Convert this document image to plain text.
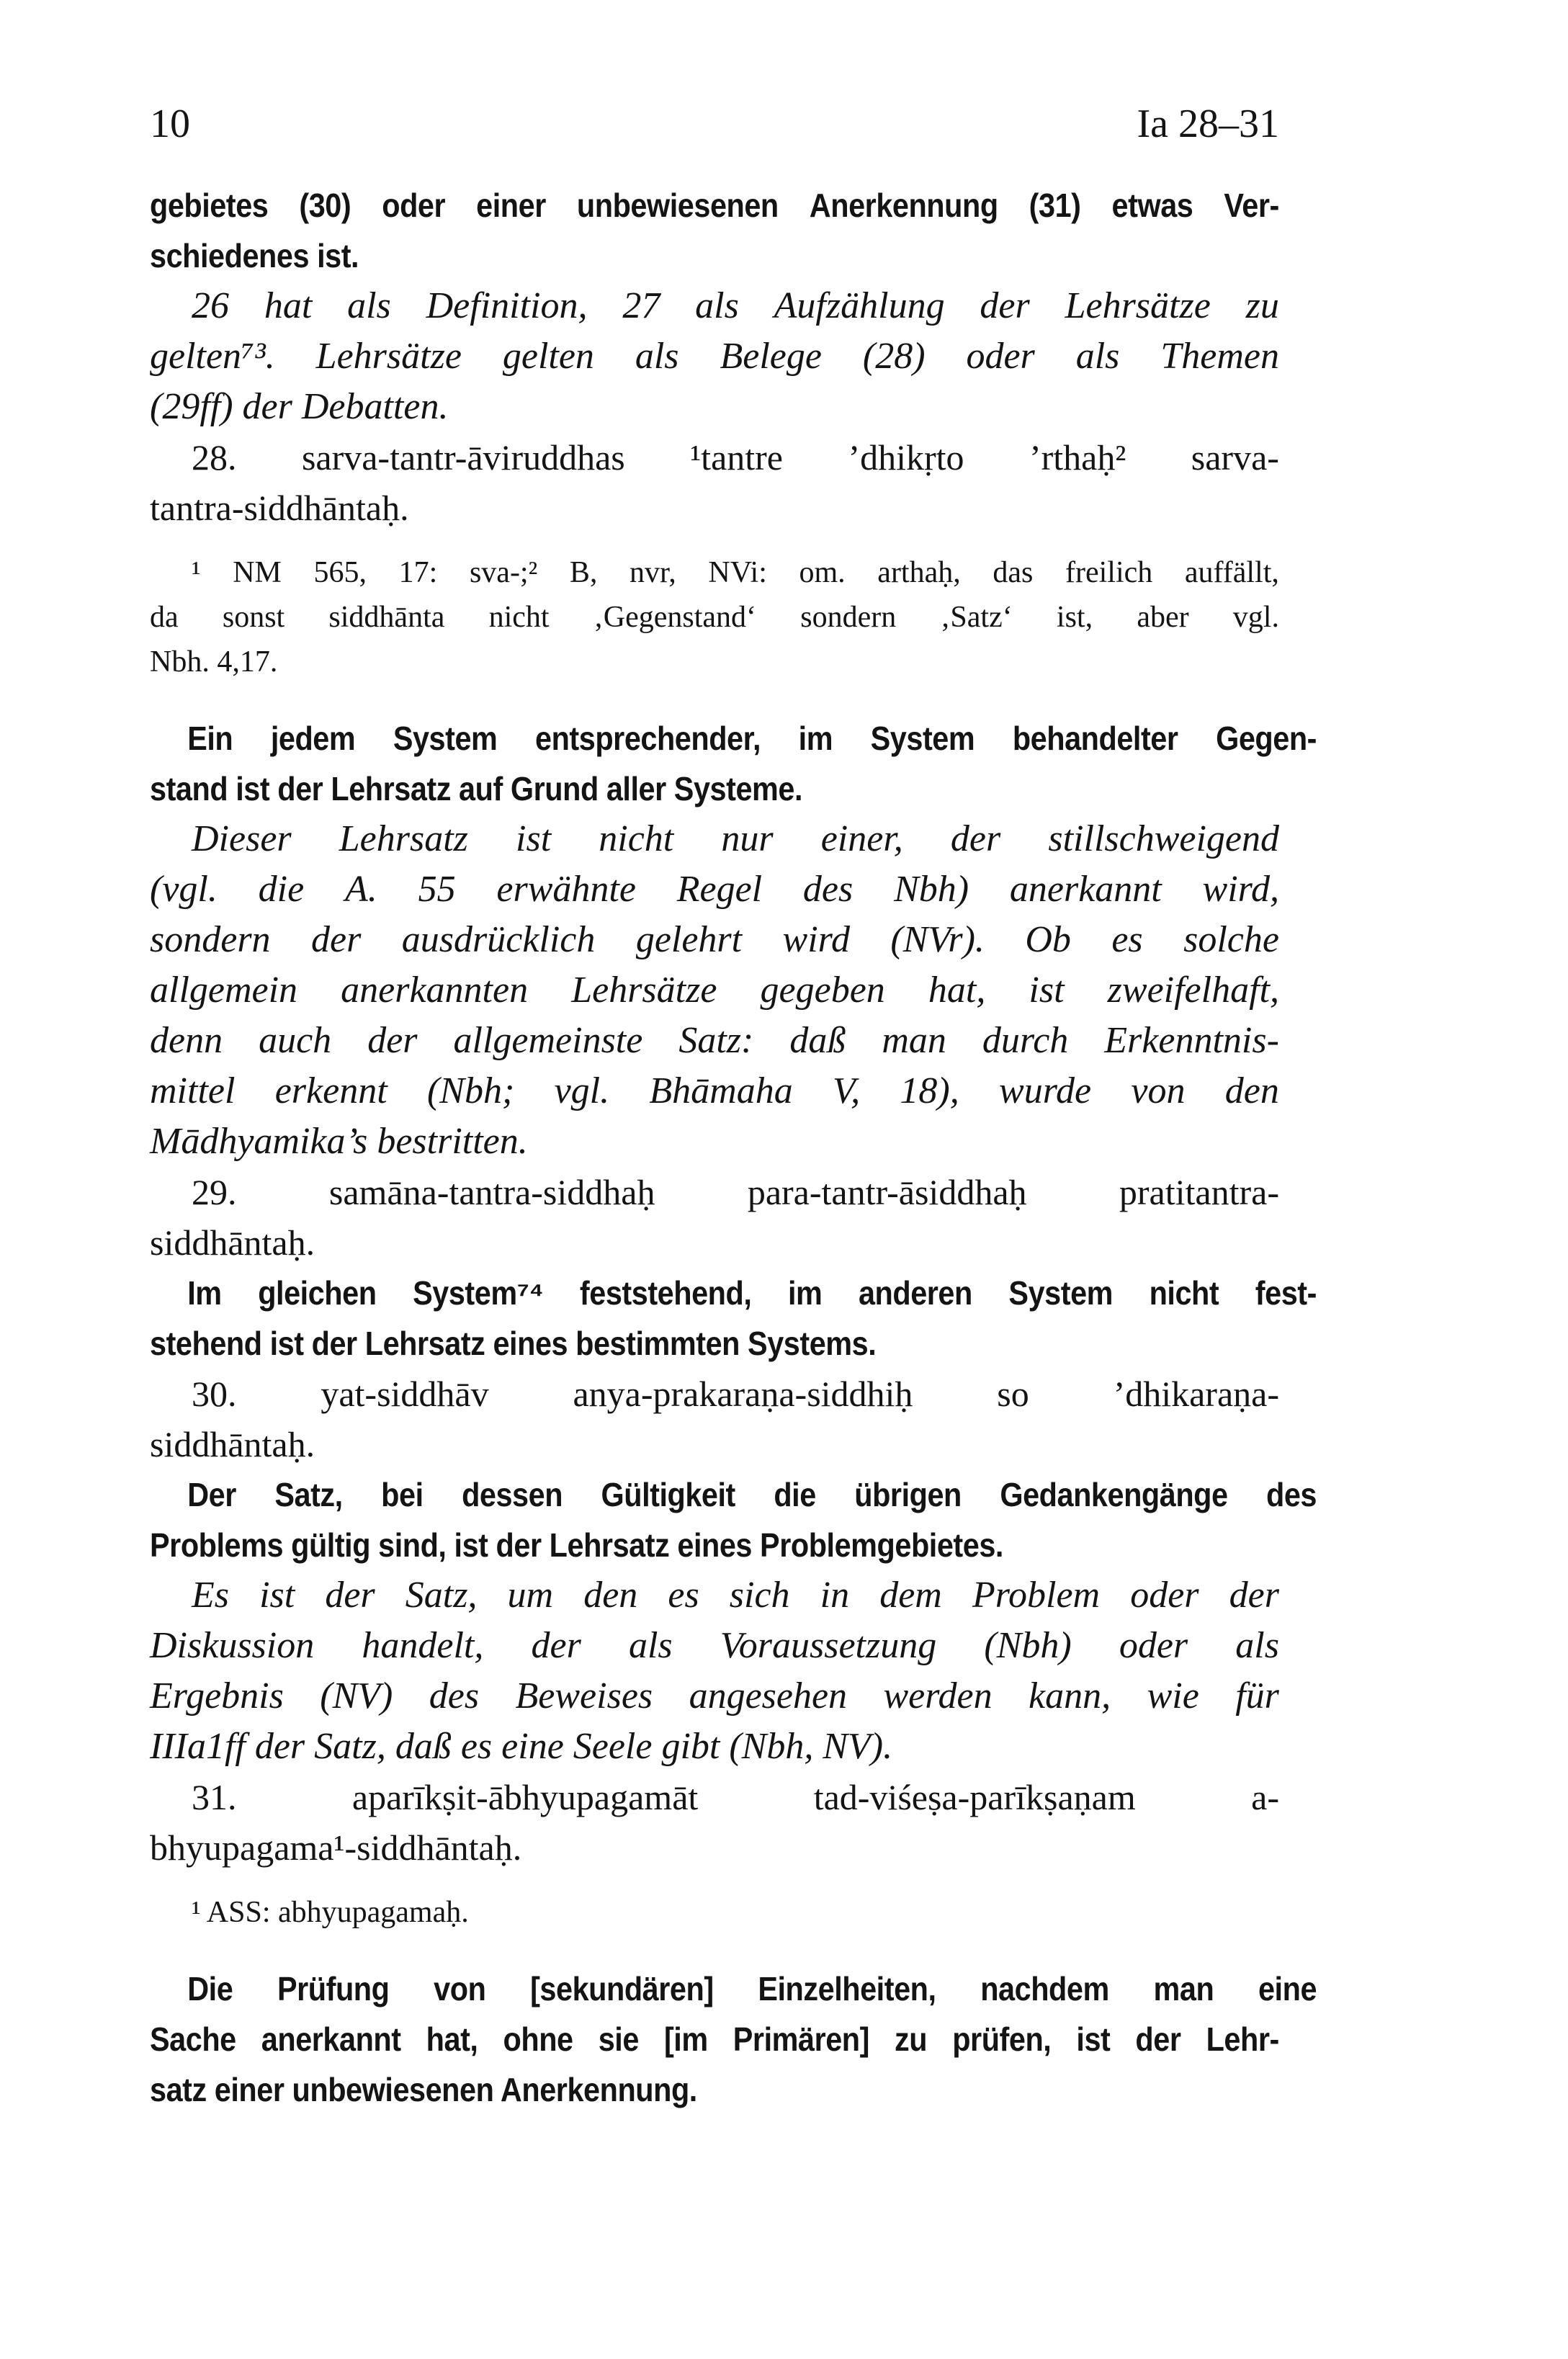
10	Ia 28–31
gebietes (30) oder einer unbewiesenen Anerkennung (31) etwas Ver-
schiedenes ist.
26 hat als Definition, 27 als Aufzählung der Lehrsätze zu
gelten⁷³. Lehrsätze gelten als Belege (28) oder als Themen
(29ff) der Debatten.
28. sarva-tantr-āviruddhas ¹tantre ’dhikṛto ’rthaḥ² sarva-
tantra-siddhāntaḥ.
¹ NM 565, 17: sva-;² B, nvr, NVi: om. arthaḥ, das freilich auffällt,
da sonst siddhānta nicht ‚Gegenstand‘ sondern ‚Satz‘ ist, aber vgl.
Nbh. 4,17.
Ein jedem System entsprechender, im System behandelter Gegen-
stand ist der Lehrsatz auf Grund aller Systeme.
Dieser Lehrsatz ist nicht nur einer, der stillschweigend
(vgl. die A. 55 erwähnte Regel des Nbh) anerkannt wird,
sondern der ausdrücklich gelehrt wird (NVr). Ob es solche
allgemein anerkannten Lehrsätze gegeben hat, ist zweifelhaft,
denn auch der allgemeinste Satz: daß man durch Erkenntnis-
mittel erkennt (Nbh; vgl. Bhāmaha V, 18), wurde von den
Mādhyamika’s bestritten.
29.	samāna-tantra-siddhaḥ	para-tantr-āsiddhaḥ	pratitantra-
siddhāntaḥ.
Im gleichen System⁷⁴ feststehend, im anderen System nicht fest-
stehend ist der Lehrsatz eines bestimmten Systems.
30. yat-siddhāv anya-prakaraṇa-siddhiḥ so ’dhikaraṇa-
siddhāntaḥ.
Der Satz, bei dessen Gültigkeit die übrigen Gedankengänge des
Problems gültig sind, ist der Lehrsatz eines Problemgebietes.
Es ist der Satz, um den es sich in dem Problem oder der
Diskussion handelt, der als Voraussetzung (Nbh) oder als
Ergebnis (NV) des Beweises angesehen werden kann, wie für
IIIa1ff der Satz, daß es eine Seele gibt (Nbh, NV).
31.	aparīkṣit-ābhyupagamāt	tad-viśeṣa-parīkṣaṇam	a-
bhyupagama¹-siddhāntaḥ.
¹ ASS: abhyupagamaḥ.
Die Prüfung von [sekundären] Einzelheiten, nachdem man eine
Sache anerkannt hat, ohne sie [im Primären] zu prüfen, ist der Lehr-
satz einer unbewiesenen Anerkennung.
